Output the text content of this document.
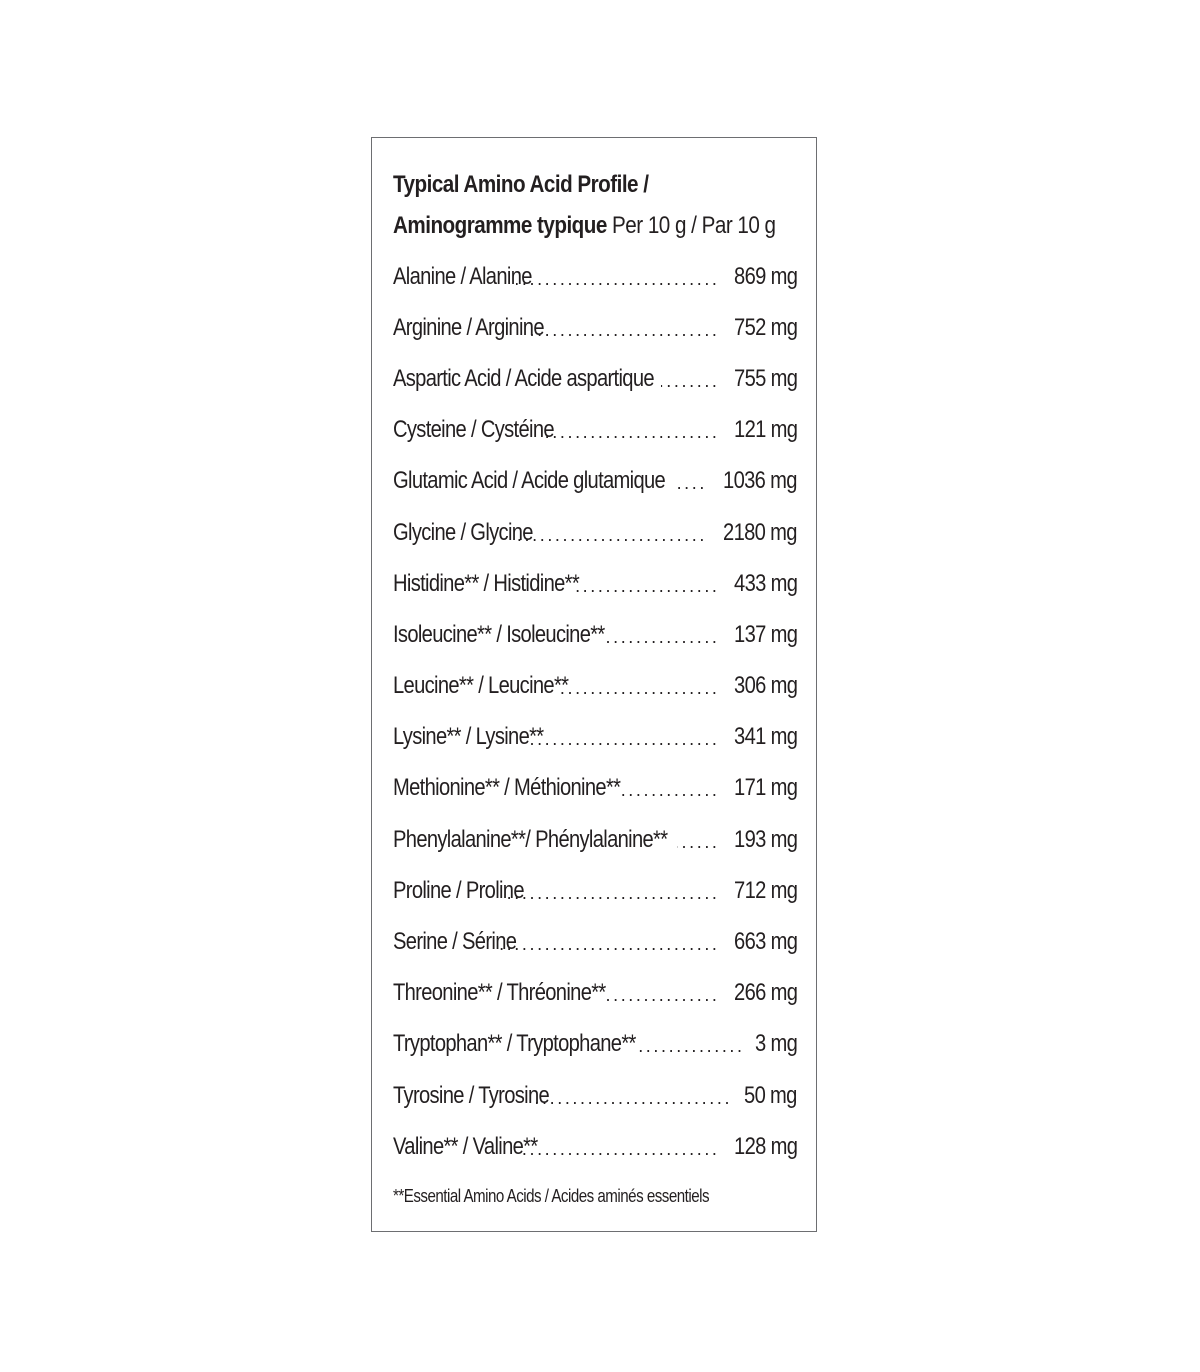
Typical Amino Acid Profile /
Aminogramme typique Per 10 g / Par 10 g
Alanine / Alanine . . .	869 mg
Arginine / Arginine . . .	752 mg
Aspartic Acid / Acide aspartique . . .	755 mg
Cysteine / Cystéine . . .	121 mg
Glutamic Acid / Acide glutamique . . . 1036 mg
Glycine / Glycine . . .	2180 mg
Histidine** / Histidine** . . .	433 mg
Isoleucine** / Isoleucine** . . .	137 mg
Leucine** / Leucine** . . .	306 mg
Lysine** / Lysine** . . .	341 mg
Methionine** / Méthionine** . . .	171 mg
Phenylalanine**/ Phénylalanine** . . .	193 mg
Proline / Proline . . .	712 mg
Serine / Sérine . . .	663 mg
Threonine** / Thréonine** . . .	266 mg
Tryptophan** / Tryptophane** . . .	3 mg
Tyrosine / Tyrosine . . .	50 mg
Valine** / Valine** . . .	128 mg
**Essential Amino Acids / Acides aminés essentiels
